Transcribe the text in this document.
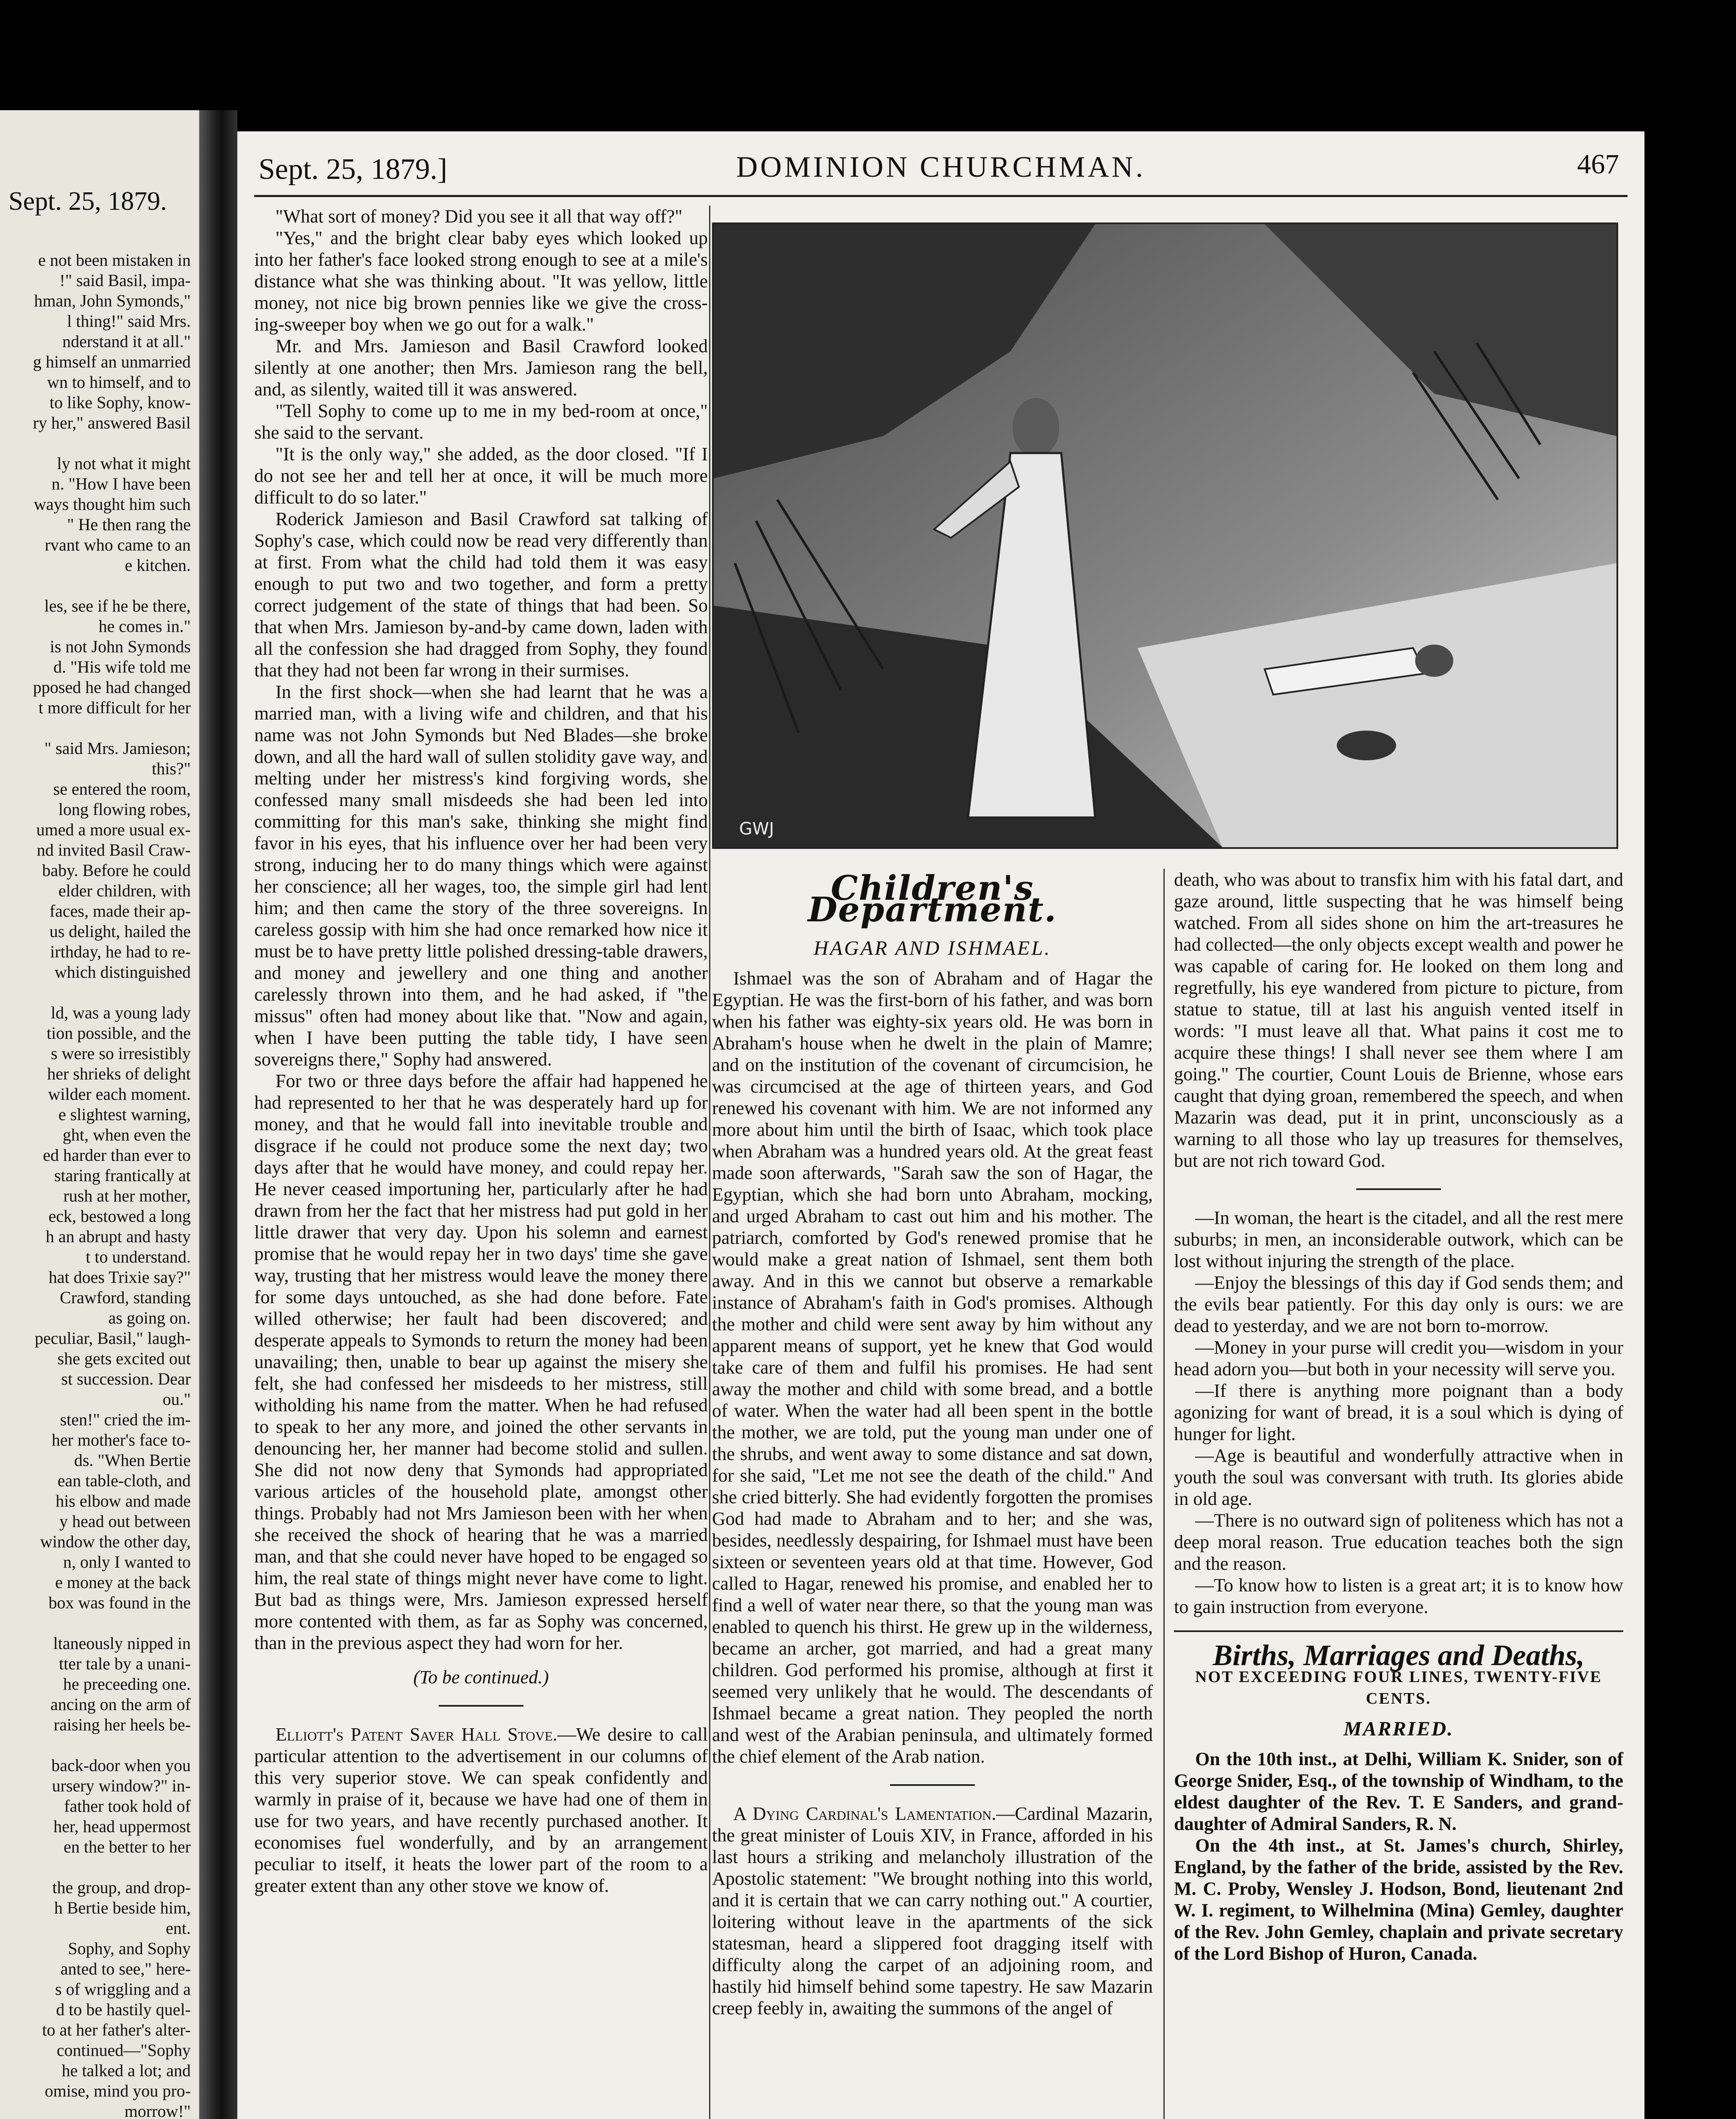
Sept. 25, 1879.
e not been mistaken in
!" said Basil, impa-
hman, John Symonds,"
l thing!" said Mrs.
nderstand it at all."
g himself an unmarried
wn to himself, and to
to like Sophy, know-
ry her," answered Basil

ly not what it might
n. "How I have been
ways thought him such
" He then rang the
rvant who came to an
e kitchen.

les, see if he be there,
he comes in."
is not John Symonds
d. "His wife told me
pposed he had changed
t more difficult for her

" said Mrs. Jamieson;
this?"
se entered the room,
long flowing robes,
umed a more usual ex-
nd invited Basil Craw-
baby. Before he could
elder children, with
faces, made their ap-
us delight, hailed the
irthday, he had to re-
which distinguished

ld, was a young lady
tion possible, and the
s were so irresistibly
her shrieks of delight
wilder each moment.
e slightest warning,
ght, when even the
ed harder than ever to
staring frantically at
rush at her mother,
eck, bestowed a long
h an abrupt and hasty
t to understand.
hat does Trixie say?"
Crawford, standing
as going on.
peculiar, Basil," laugh-
she gets excited out
st succession. Dear
ou."
sten!" cried the im-
her mother's face to-
ds. "When Bertie
ean table-cloth, and
his elbow and made
y head out between
window the other day,
n, only I wanted to
e money at the back
box was found in the

ltaneously nipped in
tter tale by a unani-
he preceeding one.
ancing on the arm of
raising her heels be-

back-door when you
ursery window?" in-
father took hold of
her, head uppermost
en the better to her

the group, and drop-
h Bertie beside him,
ent.
Sophy, and Sophy
anted to see," here-
s of wriggling and a
d to be hastily quel-
to at her father's alter-
continued—"Sophy
he talked a lot; and
omise, mind you pro-
morrow!"
Sept. 25, 1879.]	DOMINION CHURCHMAN.	467

"What sort of money? Did you see it all that way off?"

"Yes," and the bright clear baby eyes which looked up into her father's face looked strong enough to see at a mile's distance what she was thinking about. "It was yellow, little money, not nice big brown pennies like we give the cross-ing-sweeper boy when we go out for a walk."

Mr. and Mrs. Jamieson and Basil Crawford looked silently at one another; then Mrs. Jamieson rang the bell, and, as silently, waited till it was answered.

"Tell Sophy to come up to me in my bed-room at once," she said to the servant.

"It is the only way," she added, as the door closed. "If I do not see her and tell her at once, it will be much more difficult to do so later."

Roderick Jamieson and Basil Crawford sat talking of Sophy's case, which could now be read very differently than at first. From what the child had told them it was easy enough to put two and two together, and form a pretty correct judgement of the state of things that had been. So that when Mrs. Jamieson by-and-by came down, laden with all the confession she had dragged from Sophy, they found that they had not been far wrong in their surmises.

In the first shock—when she had learnt that he was a married man, with a living wife and children, and that his name was not John Symonds but Ned Blades—she broke down, and all the hard wall of sullen stolidity gave way, and melting under her mistress's kind forgiving words, she confessed many small misdeeds she had been led into committing for this man's sake, thinking she might find favor in his eyes, that his influence over her had been very strong, inducing her to do many things which were against her conscience; all her wages, too, the simple girl had lent him; and then came the story of the three sovereigns. In careless gossip with him she had once remarked how nice it must be to have pretty little polished dressing-table drawers, and money and jewellery and one thing and another carelessly thrown into them, and he had asked, if "the missus" often had money about like that. "Now and again, when I have been putting the table tidy, I have seen sovereigns there," Sophy had answered.

For two or three days before the affair had happened he had represented to her that he was desperately hard up for money, and that he would fall into inevitable trouble and disgrace if he could not produce some the next day; two days after that he would have money, and could repay her. He never ceased importuning her, particularly after he had drawn from her the fact that her mistress had put gold in her little drawer that very day. Upon his solemn and earnest promise that he would repay her in two days' time she gave way, trusting that her mistress would leave the money there for some days untouched, as she had done before. Fate willed otherwise; her fault had been discovered; and desperate appeals to Symonds to return the money had been unavailing; then, unable to bear up against the misery she felt, she had confessed her misdeeds to her mistress, still witholding his name from the matter. When he had refused to speak to her any more, and joined the other servants in denouncing her, her manner had become stolid and sullen. She did not now deny that Symonds had appropriated various articles of the household plate, amongst other things. Probably had not Mrs Jamieson been with her when she received the shock of hearing that he was a married man, and that she could never have hoped to be engaged so him, the real state of things might never have come to light. But bad as things were, Mrs. Jamieson expressed herself more contented with them, as far as Sophy was concerned, than in the previous aspect they had worn for her.

(To be continued.)

Elliott's Patent Saver Hall Stove.—We desire to call particular attention to the advertisement in our columns of this very superior stove. We can speak confidently and warmly in praise of it, because we have had one of them in use for two years, and have recently purchased another. It economises fuel wonderfully, and by an arrangement peculiar to itself, it heats the lower part of the room to a greater extent than any other stove we know of.

GWJ
Children's Department.
HAGAR AND ISHMAEL.

Ishmael was the son of Abraham and of Hagar the Egyptian. He was the first-born of his father, and was born when his father was eighty-six years old. He was born in Abraham's house when he dwelt in the plain of Mamre; and on the institution of the covenant of circumcision, he was circumcised at the age of thirteen years, and God renewed his covenant with him. We are not informed any more about him until the birth of Isaac, which took place when Abraham was a hundred years old. At the great feast made soon afterwards, "Sarah saw the son of Hagar, the Egyptian, which she had born unto Abraham, mocking, and urged Abraham to cast out him and his mother. The patriarch, comforted by God's renewed promise that he would make a great nation of Ishmael, sent them both away. And in this we cannot but observe a remarkable instance of Abraham's faith in God's promises. Although the mother and child were sent away by him without any apparent means of support, yet he knew that God would take care of them and fulfil his promises. He had sent away the mother and child with some bread, and a bottle of water. When the water had all been spent in the bottle the mother, we are told, put the young man under one of the shrubs, and went away to some distance and sat down, for she said, "Let me not see the death of the child." And she cried bitterly. She had evidently forgotten the promises God had made to Abraham and to her; and she was, besides, needlessly despairing, for Ishmael must have been sixteen or seventeen years old at that time. However, God called to Hagar, renewed his promise, and enabled her to find a well of water near there, so that the young man was enabled to quench his thirst. He grew up in the wilderness, became an archer, got married, and had a great many children. God performed his promise, although at first it seemed very unlikely that he would. The descendants of Ishmael became a great nation. They peopled the north and west of the Arabian peninsula, and ultimately formed the chief element of the Arab nation.

A Dying Cardinal's Lamentation.—Cardinal Mazarin, the great minister of Louis XIV, in France, afforded in his last hours a striking and melancholy illustration of the Apostolic statement: "We brought nothing into this world, and it is certain that we can carry nothing out." A courtier, loitering without leave in the apartments of the sick statesman, heard a slippered foot dragging itself with difficulty along the carpet of an adjoining room, and hastily hid himself behind some tapestry. He saw Mazarin creep feebly in, awaiting the summons of the angel of

death, who was about to transfix him with his fatal dart, and gaze around, little suspecting that he was himself being watched. From all sides shone on him the art-treasures he had collected—the only objects except wealth and power he was capable of caring for. He looked on them long and regretfully, his eye wandered from picture to picture, from statue to statue, till at last his anguish vented itself in words: "I must leave all that. What pains it cost me to acquire these things! I shall never see them where I am going." The courtier, Count Louis de Brienne, whose ears caught that dying groan, remembered the speech, and when Mazarin was dead, put it in print, unconsciously as a warning to all those who lay up treasures for themselves, but are not rich toward God.

—In woman, the heart is the citadel, and all the rest mere suburbs; in men, an inconsiderable outwork, which can be lost without injuring the strength of the place.

—Enjoy the blessings of this day if God sends them; and the evils bear patiently. For this day only is ours: we are dead to yesterday, and we are not born to-morrow.

—Money in your purse will credit you—wisdom in your head adorn you—but both in your necessity will serve you.

—If there is anything more poignant than a body agonizing for want of bread, it is a soul which is dying of hunger for light.

—Age is beautiful and wonderfully attractive when in youth the soul was conversant with truth. Its glories abide in old age.

—There is no outward sign of politeness which has not a deep moral reason. True education teaches both the sign and the reason.

—To know how to listen is a great art; it is to know how to gain instruction from everyone.

Births, Marriages and Deaths,
NOT EXCEEDING FOUR LINES, TWENTY-FIVE CENTS.
MARRIED.

On the 10th inst., at Delhi, William K. Snider, son of George Snider, Esq., of the township of Windham, to the eldest daughter of the Rev. T. E Sanders, and grand-daughter of Admiral Sanders, R. N.

On the 4th inst., at St. James's church, Shirley, England, by the father of the bride, assisted by the Rev. M. C. Proby, Wensley J. Hodson, Bond, lieutenant 2nd W. I. regiment, to Wilhelmina (Mina) Gemley, daughter of the Rev. John Gemley, chaplain and private secretary of the Lord Bishop of Huron, Canada.
